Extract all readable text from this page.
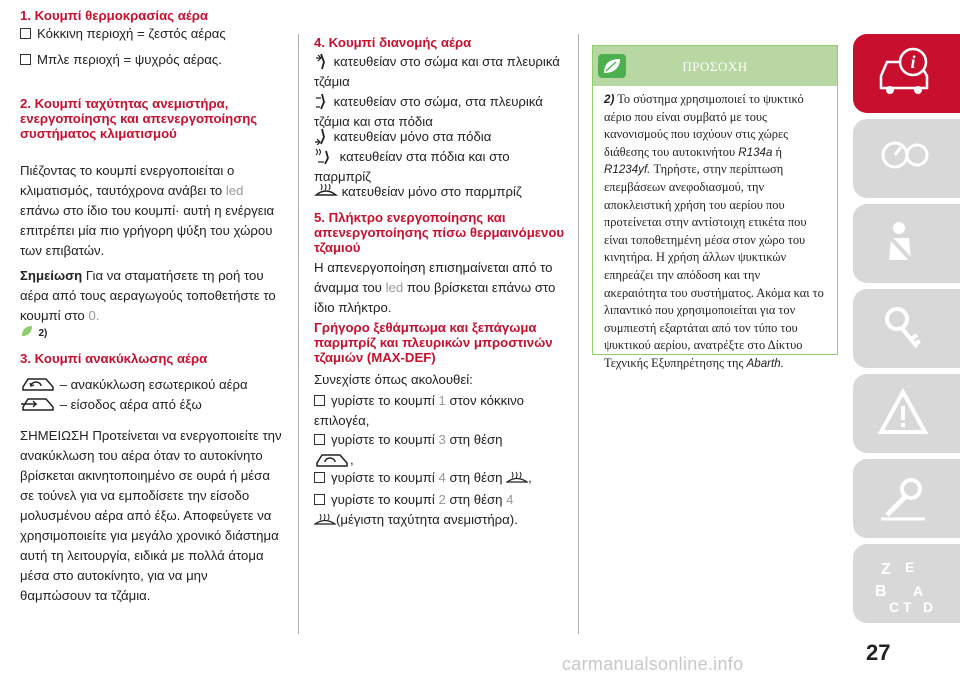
1. Κουμπί θερμοκρασίας αέρα
Κόκκινη περιοχή = ζεστός αέρας
Μπλε περιοχή = ψυχρός αέρας.
2. Κουμπί ταχύτητας ανεμιστήρα, ενεργοποίησης και απενεργοποίησης συστήματος κλιματισμού
Πιέζοντας το κουμπί ενεργοποιείται ο κλιματισμός, ταυτόχρονα ανάβει το led επάνω στο ίδιο του κουμπί· αυτή η ενέργεια επιτρέπει μία πιο γρήγορη ψύξη του χώρου των επιβατών.
Σημείωση Για να σταματήσετε τη ροή του αέρα από τους αεραγωγούς τοποθετήστε το κουμπί στο 0.
2)
3. Κουμπί ανακύκλωσης αέρα
– ανακύκλωση εσωτερικού αέρα
– είσοδος αέρα από έξω
ΣΗΜΕΙΩΣΗ Προτείνεται να ενεργοποιείτε την ανακύκλωση του αέρα όταν το αυτοκίνητο βρίσκεται ακινητοποιημένο σε ουρά ή μέσα σε τούνελ για να εμποδίσετε την είσοδο μολυσμένου αέρα από έξω. Αποφεύγετε να χρησιμοποιείτε για μεγάλο χρονικό διάστημα αυτή τη λειτουργία, ειδικά με πολλά άτομα μέσα στο αυτοκίνητο, για να μην θαμπώσουν τα τζάμια.
4. Κουμπί διανομής αέρα
κατευθείαν στο σώμα και στα πλευρικά τζάμια
κατευθείαν στο σώμα, στα πλευρικά τζάμια και στα πόδια
κατευθείαν μόνο στα πόδια
κατευθείαν στα πόδια και στο παρμπρίζ
κατευθείαν μόνο στο παρμπρίζ
5. Πλήκτρο ενεργοποίησης και απενεργοποίησης πίσω θερμαινόμενου τζαμιού
Η απενεργοποίηση επισημαίνεται από το άναμμα του led που βρίσκεται επάνω στο ίδιο πλήκτρο.
Γρήγορο ξεθάμπωμα και ξεπάγωμα παρμπρίζ και πλευρικών μπροστινών τζαμιών (MAX-DEF)
Συνεχίστε όπως ακολουθεί:
γυρίστε το κουμπί 1 στον κόκκινο επιλογέα,
γυρίστε το κουμπί 3 στη θέση
,
γυρίστε το κουμπί 4 στη θέση ,
γυρίστε το κουμπί 2 στη θέση 4
(μέγιστη ταχύτητα ανεμιστήρα).
ΠΡΟΣΟΧΗ
2) Το σύστημα χρησιμοποιεί το ψυκτικό αέριο που είναι συμβατό με τους κανονισμούς που ισχύουν στις χώρες διάθεσης του αυτοκινήτου R134a ή R1234yf. Τηρήστε, στην περίπτωση επεμβάσεων ανεφοδιασμού, την αποκλειστική χρήση του αερίου που προτείνεται στην αντίστοιχη ετικέτα που είναι τοποθετημένη μέσα στον χώρο του κινητήρα. Η χρήση άλλων ψυκτικών επηρεάζει την απόδοση και την ακεραιότητα του συστήματος. Ακόμα και το λιπαντικό που χρησιμοποιείται για τον συμπιεστή εξαρτάται από τον τύπο του ψυκτικού αερίου, ανατρέξτε στο Δίκτυο Τεχνικής Εξυπηρέτησης της Abarth.
i
Z E
B A
C T D
27
carmanualsonline.info
